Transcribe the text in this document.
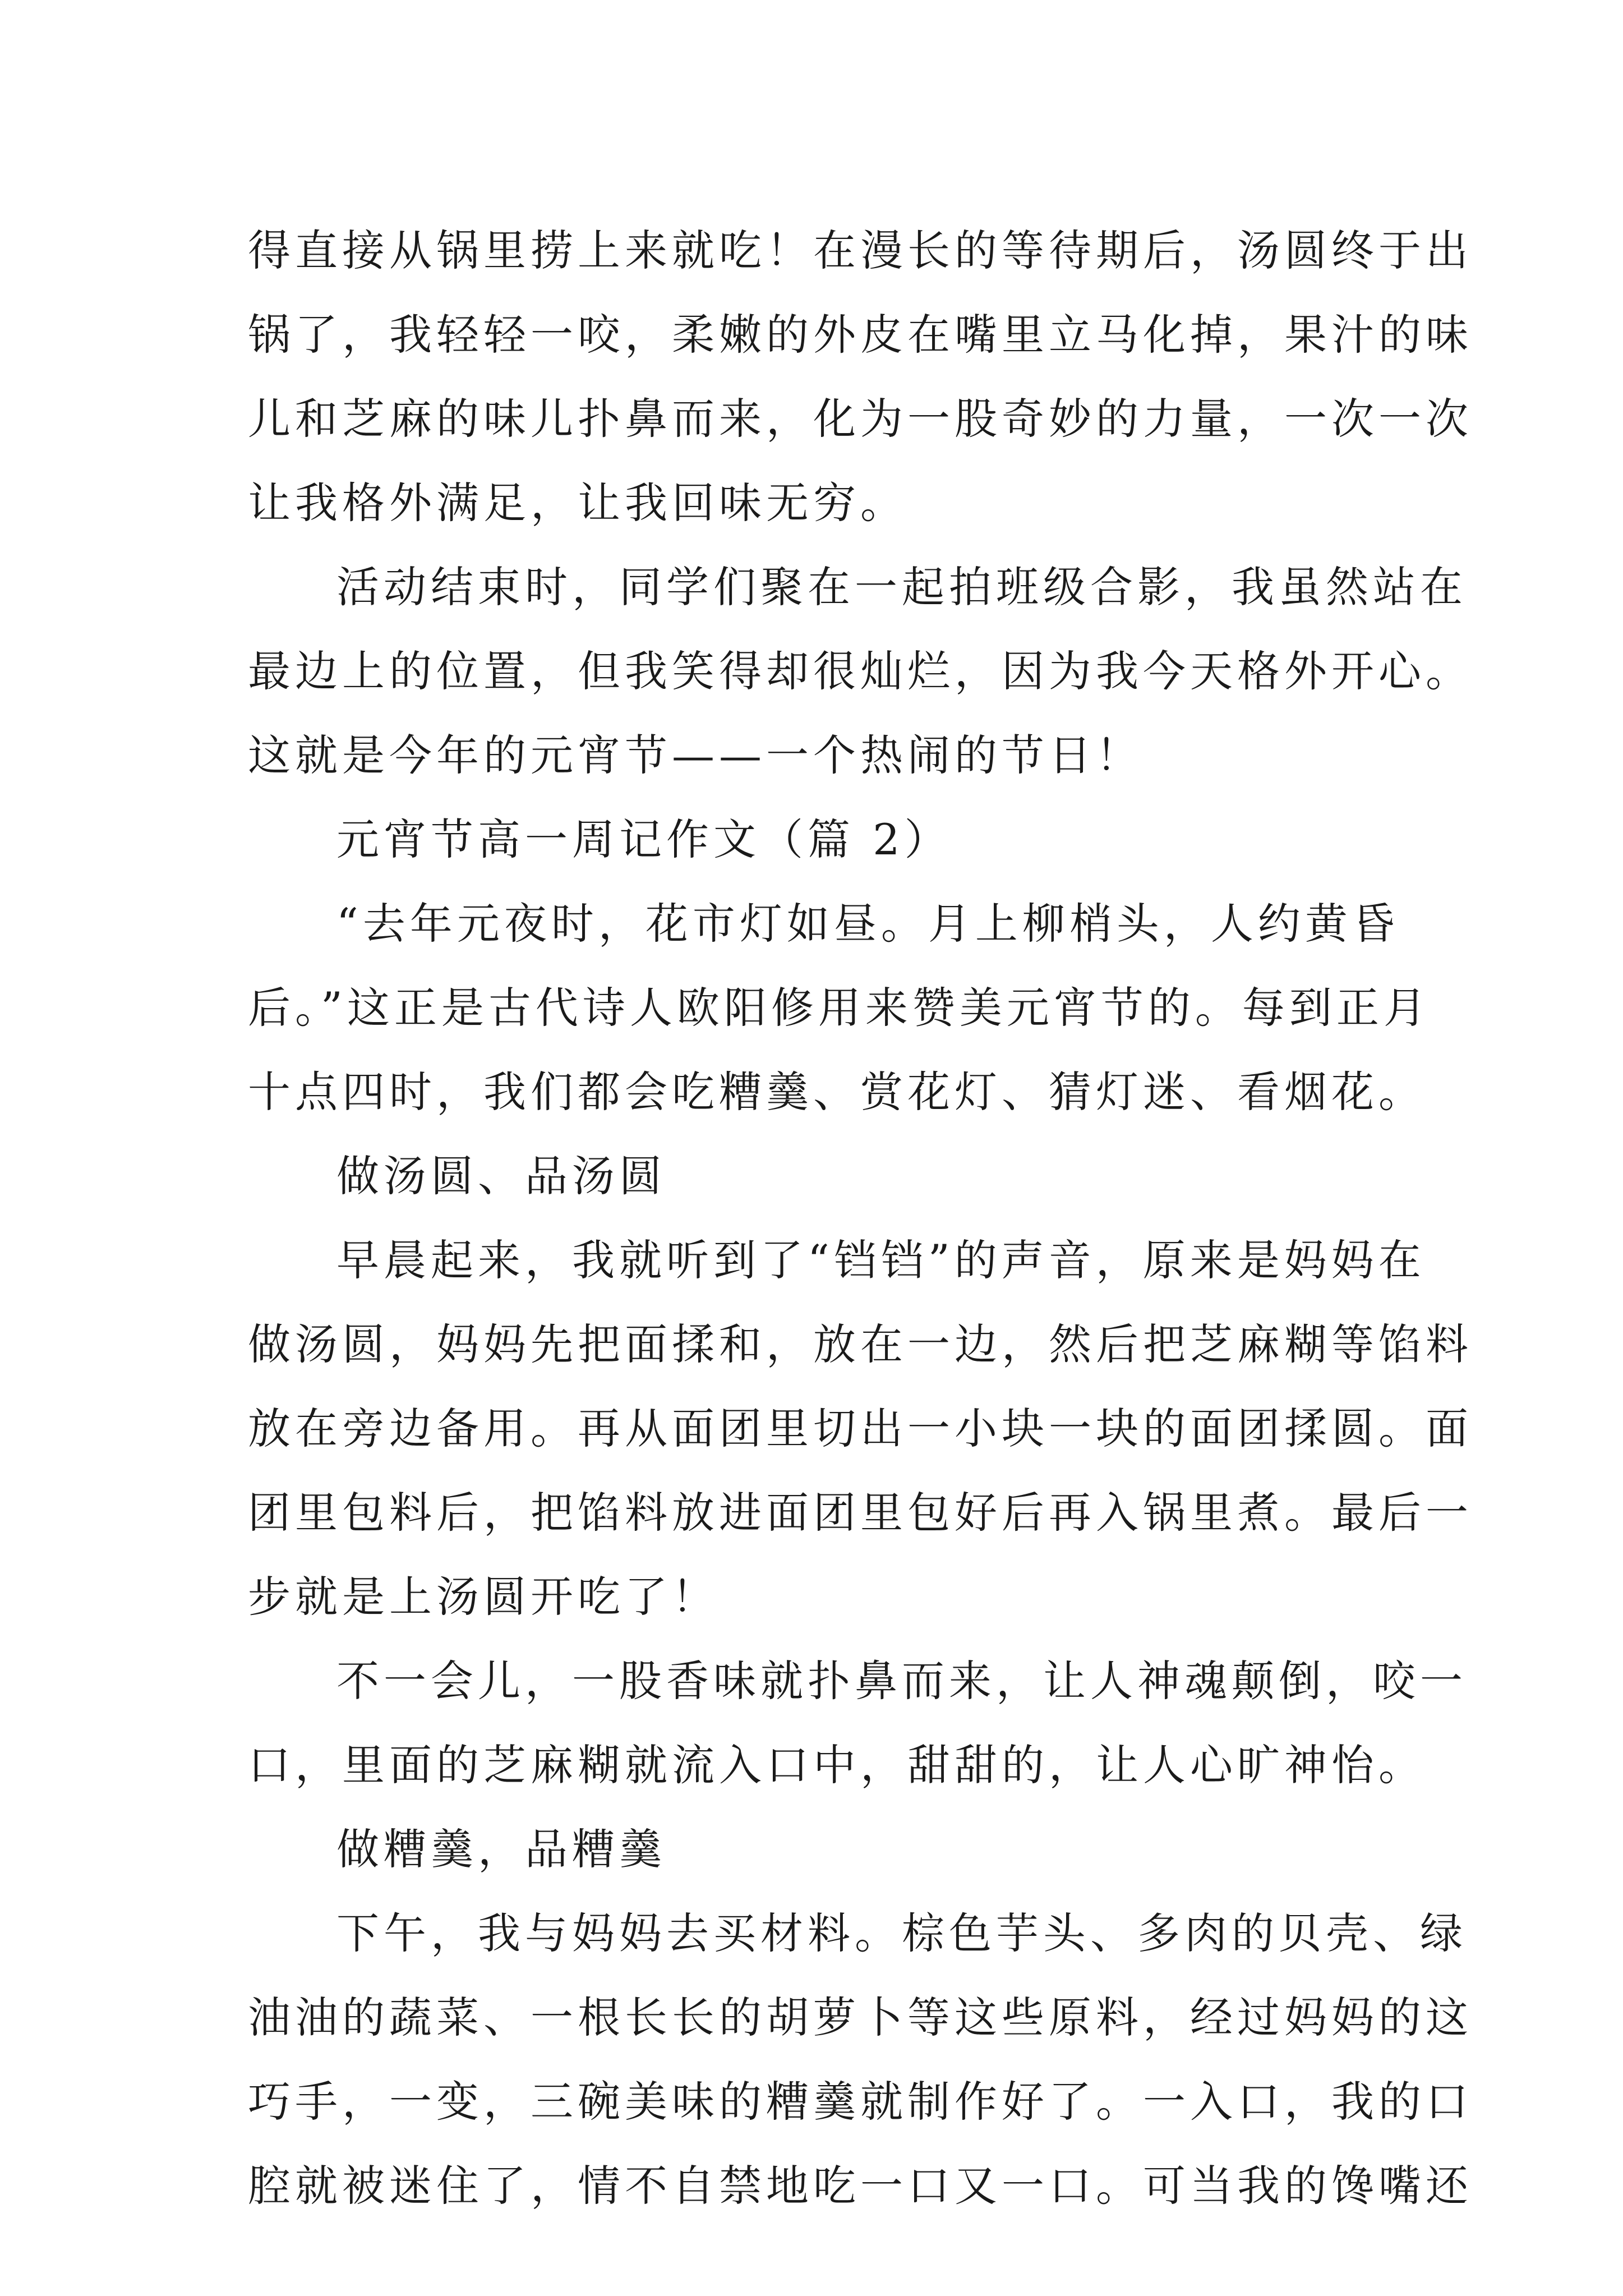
得直接从锅里捞上来就吃！在漫长的等待期后，汤圆终于出
锅了，我轻轻一咬，柔嫩的外皮在嘴里立马化掉，果汁的味
儿和芝麻的味儿扑鼻而来，化为一股奇妙的力量，一次一次
让我格外满足，让我回味无穷。
活动结束时，同学们聚在一起拍班级合影，我虽然站在
最边上的位置，但我笑得却很灿烂，因为我今天格外开心。
这就是今年的元宵节——一个热闹的节日！
元宵节高一周记作文（篇 2）
“去年元夜时，花市灯如昼。月上柳梢头，人约黄昏
后。”这正是古代诗人欧阳修用来赞美元宵节的。每到正月
十点四时，我们都会吃糟羹、赏花灯、猜灯迷、看烟花。
做汤圆、品汤圆
早晨起来，我就听到了“铛铛”的声音，原来是妈妈在
做汤圆，妈妈先把面揉和，放在一边，然后把芝麻糊等馅料
放在旁边备用。再从面团里切出一小块一块的面团揉圆。面
团里包料后，把馅料放进面团里包好后再入锅里煮。最后一
步就是上汤圆开吃了！
不一会儿，一股香味就扑鼻而来，让人神魂颠倒，咬一
口，里面的芝麻糊就流入口中，甜甜的，让人心旷神怡。
做糟羹，品糟羹
下午，我与妈妈去买材料。棕色芋头、多肉的贝壳、绿
油油的蔬菜、一根长长的胡萝卜等这些原料，经过妈妈的这
巧手，一变，三碗美味的糟羹就制作好了。一入口，我的口
腔就被迷住了，情不自禁地吃一口又一口。可当我的馋嘴还
